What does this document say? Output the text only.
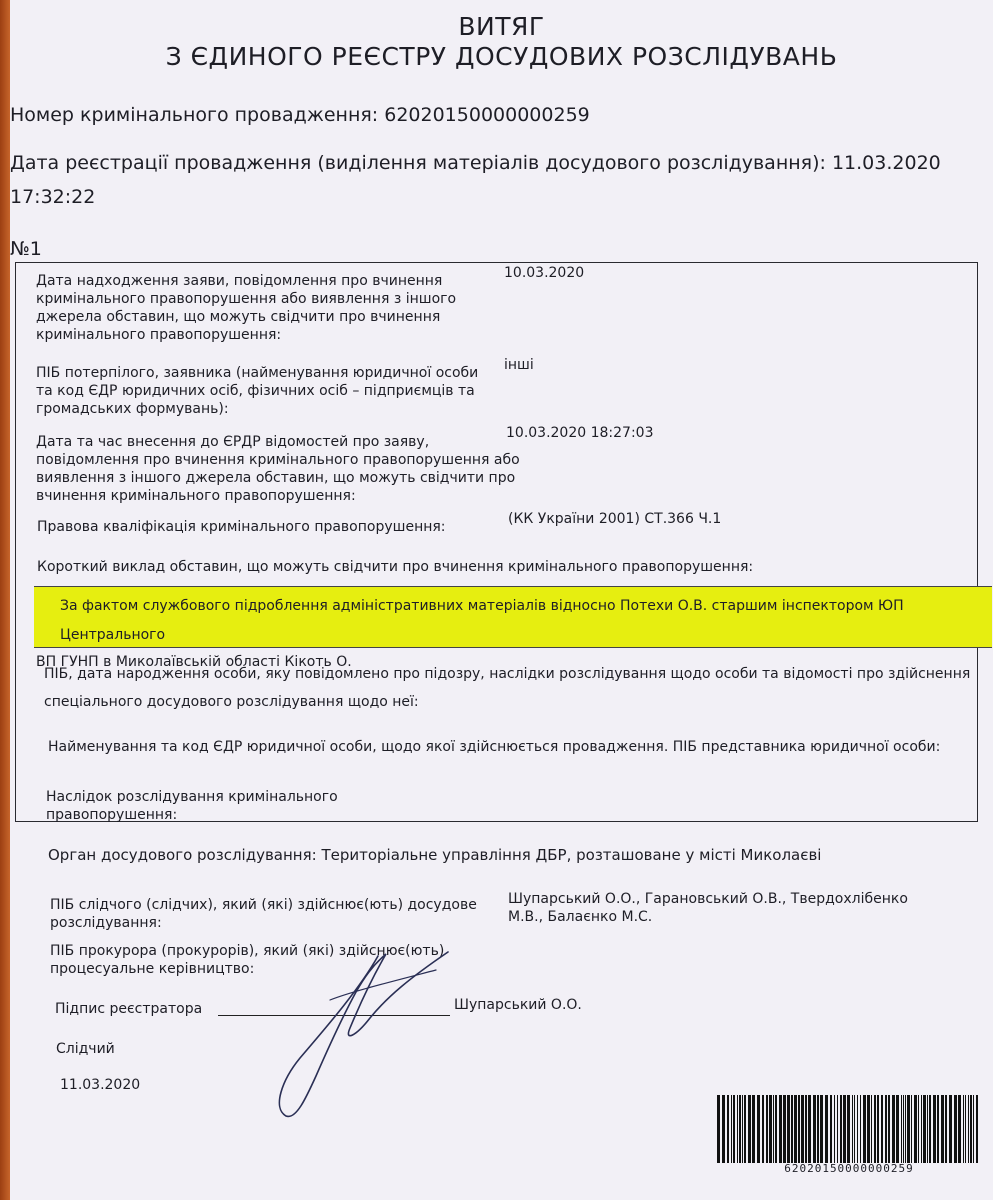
ВИТЯГ
З ЄДИНОГО РЕЄСТРУ ДОСУДОВИХ РОЗСЛІДУВАНЬ
Номер кримінального провадження: 62020150000000259
Дата реєстрації провадження (виділення матеріалів досудового розслідування): 11.03.2020
17:32:22
№1
Дата надходження заяви, повідомлення про вчинення
кримінального правопорушення або виявлення з іншого
джерела обставин, що можуть свідчити про вчинення
кримінального правопорушення:
10.03.2020
ПІБ потерпілого, заявника (найменування юридичної особи
та код ЄДР юридичних осіб, фізичних осіб – підприємців та
громадських формувань):
інші
Дата та час внесення до ЄРДР відомостей про заяву,
повідомлення про вчинення кримінального правопорушення або
виявлення з іншого джерела обставин, що можуть свідчити про
вчинення кримінального правопорушення:
10.03.2020 18:27:03
Правова кваліфікація кримінального правопорушення:	(КК України 2001) СТ.366 Ч.1
Короткий виклад обставин, що можуть свідчити про вчинення кримінального правопорушення:
За фактом службового підроблення адміністративних матеріалів відносно Потехи О.В. старшим інспектором ЮП Центрального
ВП ГУНП в Миколаївській області Кікоть О.
ПІБ, дата народження особи, яку повідомлено про підозру, наслідки розслідування щодо особи та відомості про здійснення
спеціального досудового розслідування щодо неї:
Найменування та код ЄДР юридичної особи, щодо якої здійснюється провадження. ПІБ представника юридичної особи:
Наслідок розслідування кримінального
правопорушення:
Орган досудового розслідування: Територіальне управління ДБР, розташоване у місті Миколаєві
ПІБ слідчого (слідчих), який (які) здійснює(ють) досудове
розслідування:
Шупарський О.О., Гарановський О.В., Твердохлібенко
М.В., Балаєнко М.С.
ПІБ прокурора (прокурорів), який (які) здійснює(ють)
процесуальне керівництво:
Підпис реєстратора	Шупарський О.О.
Слідчий
11.03.2020
62020150000000259
